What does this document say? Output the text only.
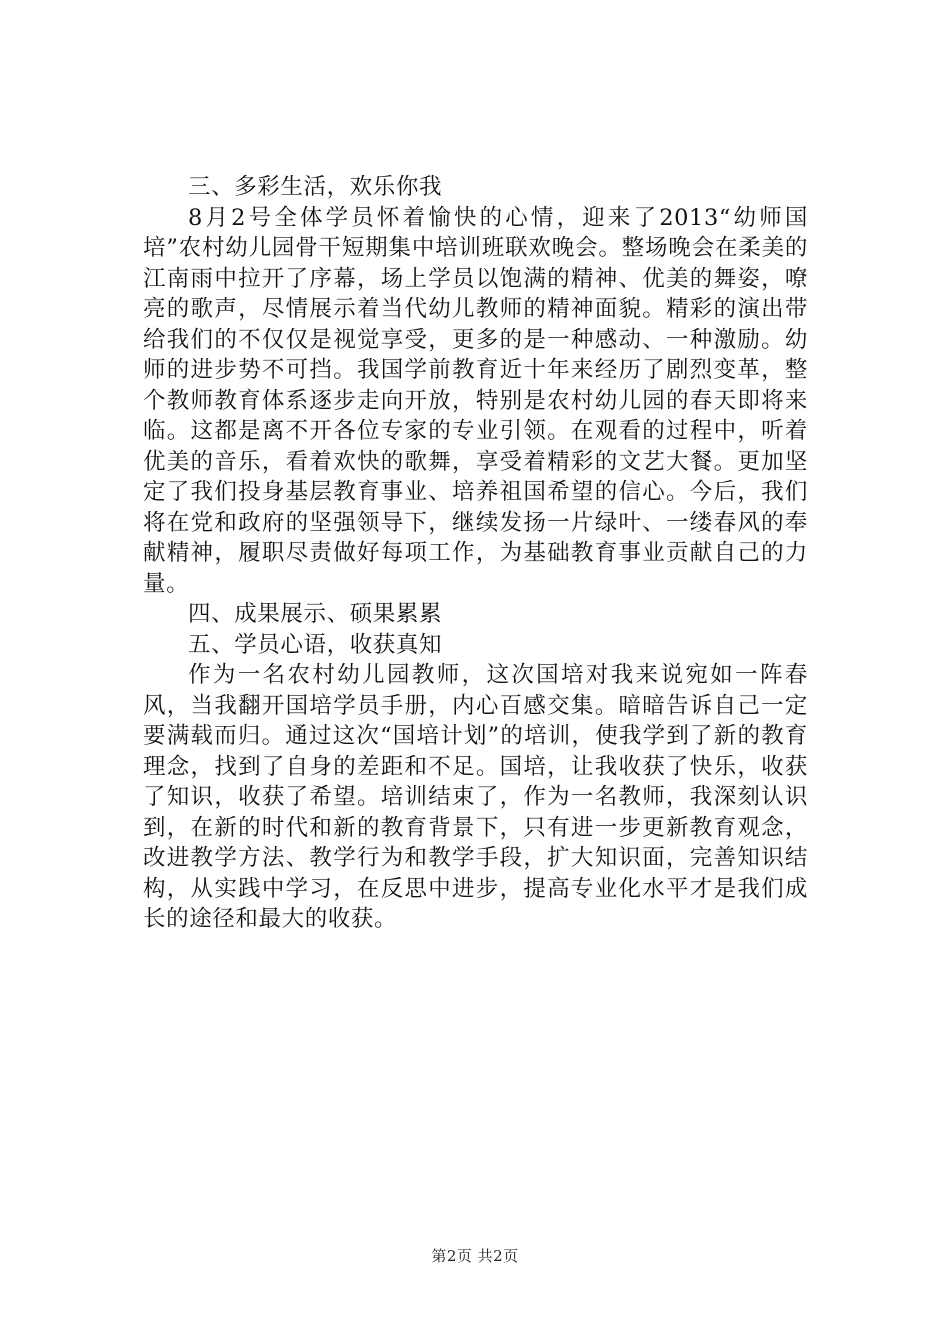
三、多彩生活，欢乐你我

8月2号全体学员怀着愉快的心情，迎来了2013“幼师国培”农村幼儿园骨干短期集中培训班联欢晚会。整场晚会在柔美的江南雨中拉开了序幕，场上学员以饱满的精神、优美的舞姿，嘹亮的歌声，尽情展示着当代幼儿教师的精神面貌。精彩的演出带给我们的不仅仅是视觉享受，更多的是一种感动、一种激励。幼师的进步势不可挡。我国学前教育近十年来经历了剧烈变革，整个教师教育体系逐步走向开放，特别是农村幼儿园的春天即将来临。这都是离不开各位专家的专业引领。在观看的过程中，听着优美的音乐，看着欢快的歌舞，享受着精彩的文艺大餐。更加坚定了我们投身基层教育事业、培养祖国希望的信心。今后，我们将在党和政府的坚强领导下，继续发扬一片绿叶、一缕春风的奉献精神，履职尽责做好每项工作，为基础教育事业贡献自己的力量。

四、成果展示、硕果累累

五、学员心语，收获真知

作为一名农村幼儿园教师，这次国培对我来说宛如一阵春风，当我翻开国培学员手册，内心百感交集。暗暗告诉自己一定要满载而归。通过这次“国培计划”的培训，使我学到了新的教育理念，找到了自身的差距和不足。国培，让我收获了快乐，收获了知识，收获了希望。培训结束了，作为一名教师，我深刻认识到，在新的时代和新的教育背景下，只有进一步更新教育观念，改进教学方法、教学行为和教学手段，扩大知识面，完善知识结构，从实践中学习，在反思中进步，提高专业化水平才是我们成长的途径和最大的收获。

第2页 共2页
